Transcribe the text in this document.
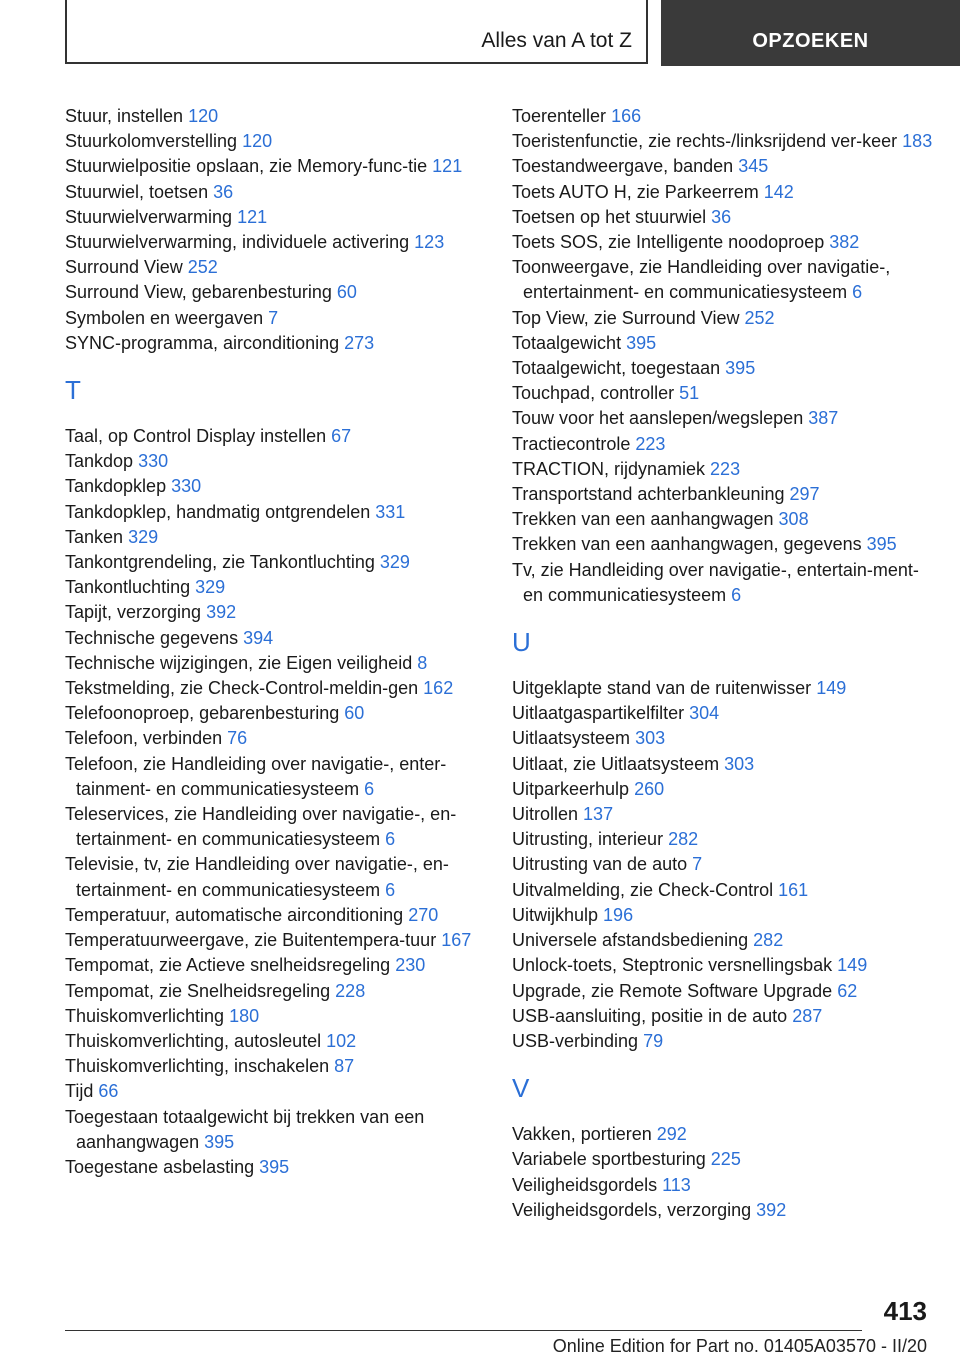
Alles van A tot Z	OPZOEKEN
Stuur, instellen 120
Stuurkolomverstelling 120
Stuurwielpositie opslaan, zie Memory-func-tie 121
Stuurwiel, toetsen 36
Stuurwielverwarming 121
Stuurwielverwarming, individuele activering 123
Surround View 252
Surround View, gebarenbesturing 60
Symbolen en weergaven 7
SYNC-programma, airconditioning 273
T
Taal, op Control Display instellen 67
Tankdop 330
Tankdopklep 330
Tankdopklep, handmatig ontgrendelen 331
Tanken 329
Tankontgrendeling, zie Tankontluchting 329
Tankontluchting 329
Tapijt, verzorging 392
Technische gegevens 394
Technische wijzigingen, zie Eigen veiligheid 8
Tekstmelding, zie Check-Control-meldin-gen 162
Telefoonoproep, gebarenbesturing 60
Telefoon, verbinden 76
Telefoon, zie Handleiding over navigatie-, enter-tainment- en communicatiesysteem 6
Teleservices, zie Handleiding over navigatie-, en-tertainment- en communicatiesysteem 6
Televisie, tv, zie Handleiding over navigatie-, en-tertainment- en communicatiesysteem 6
Temperatuur, automatische airconditioning 270
Temperatuurweergave, zie Buitentempera-tuur 167
Tempomat, zie Actieve snelheidsregeling 230
Tempomat, zie Snelheidsregeling 228
Thuiskomverlichting 180
Thuiskomverlichting, autosleutel 102
Thuiskomverlichting, inschakelen 87
Tijd 66
Toegestaan totaalgewicht bij trekken van een aanhangwagen 395
Toegestane asbelasting 395
Toerenteller 166
Toeristenfunctie, zie rechts-/linksrijdend ver-keer 183
Toestandweergave, banden 345
Toets AUTO H, zie Parkeerrem 142
Toetsen op het stuurwiel 36
Toets SOS, zie Intelligente noodoproep 382
Toonweergave, zie Handleiding over navigatie-, entertainment- en communicatiesysteem 6
Top View, zie Surround View 252
Totaalgewicht 395
Totaalgewicht, toegestaan 395
Touchpad, controller 51
Touw voor het aanslepen/wegslepen 387
Tractiecontrole 223
TRACTION, rijdynamiek 223
Transportstand achterbankleuning 297
Trekken van een aanhangwagen 308
Trekken van een aanhangwagen, gegevens 395
Tv, zie Handleiding over navigatie-, entertain-ment- en communicatiesysteem 6
U
Uitgeklapte stand van de ruitenwisser 149
Uitlaatgaspartikelfilter 304
Uitlaatsysteem 303
Uitlaat, zie Uitlaatsysteem 303
Uitparkeerhulp 260
Uitrollen 137
Uitrusting, interieur 282
Uitrusting van de auto 7
Uitvalmelding, zie Check-Control 161
Uitwijkhulp 196
Universele afstandsbediening 282
Unlock-toets, Steptronic versnellingsbak 149
Upgrade, zie Remote Software Upgrade 62
USB-aansluiting, positie in de auto 287
USB-verbinding 79
V
Vakken, portieren 292
Variabele sportbesturing 225
Veiligheidsgordels 113
Veiligheidsgordels, verzorging 392
413
Online Edition for Part no. 01405A03570 - II/20
